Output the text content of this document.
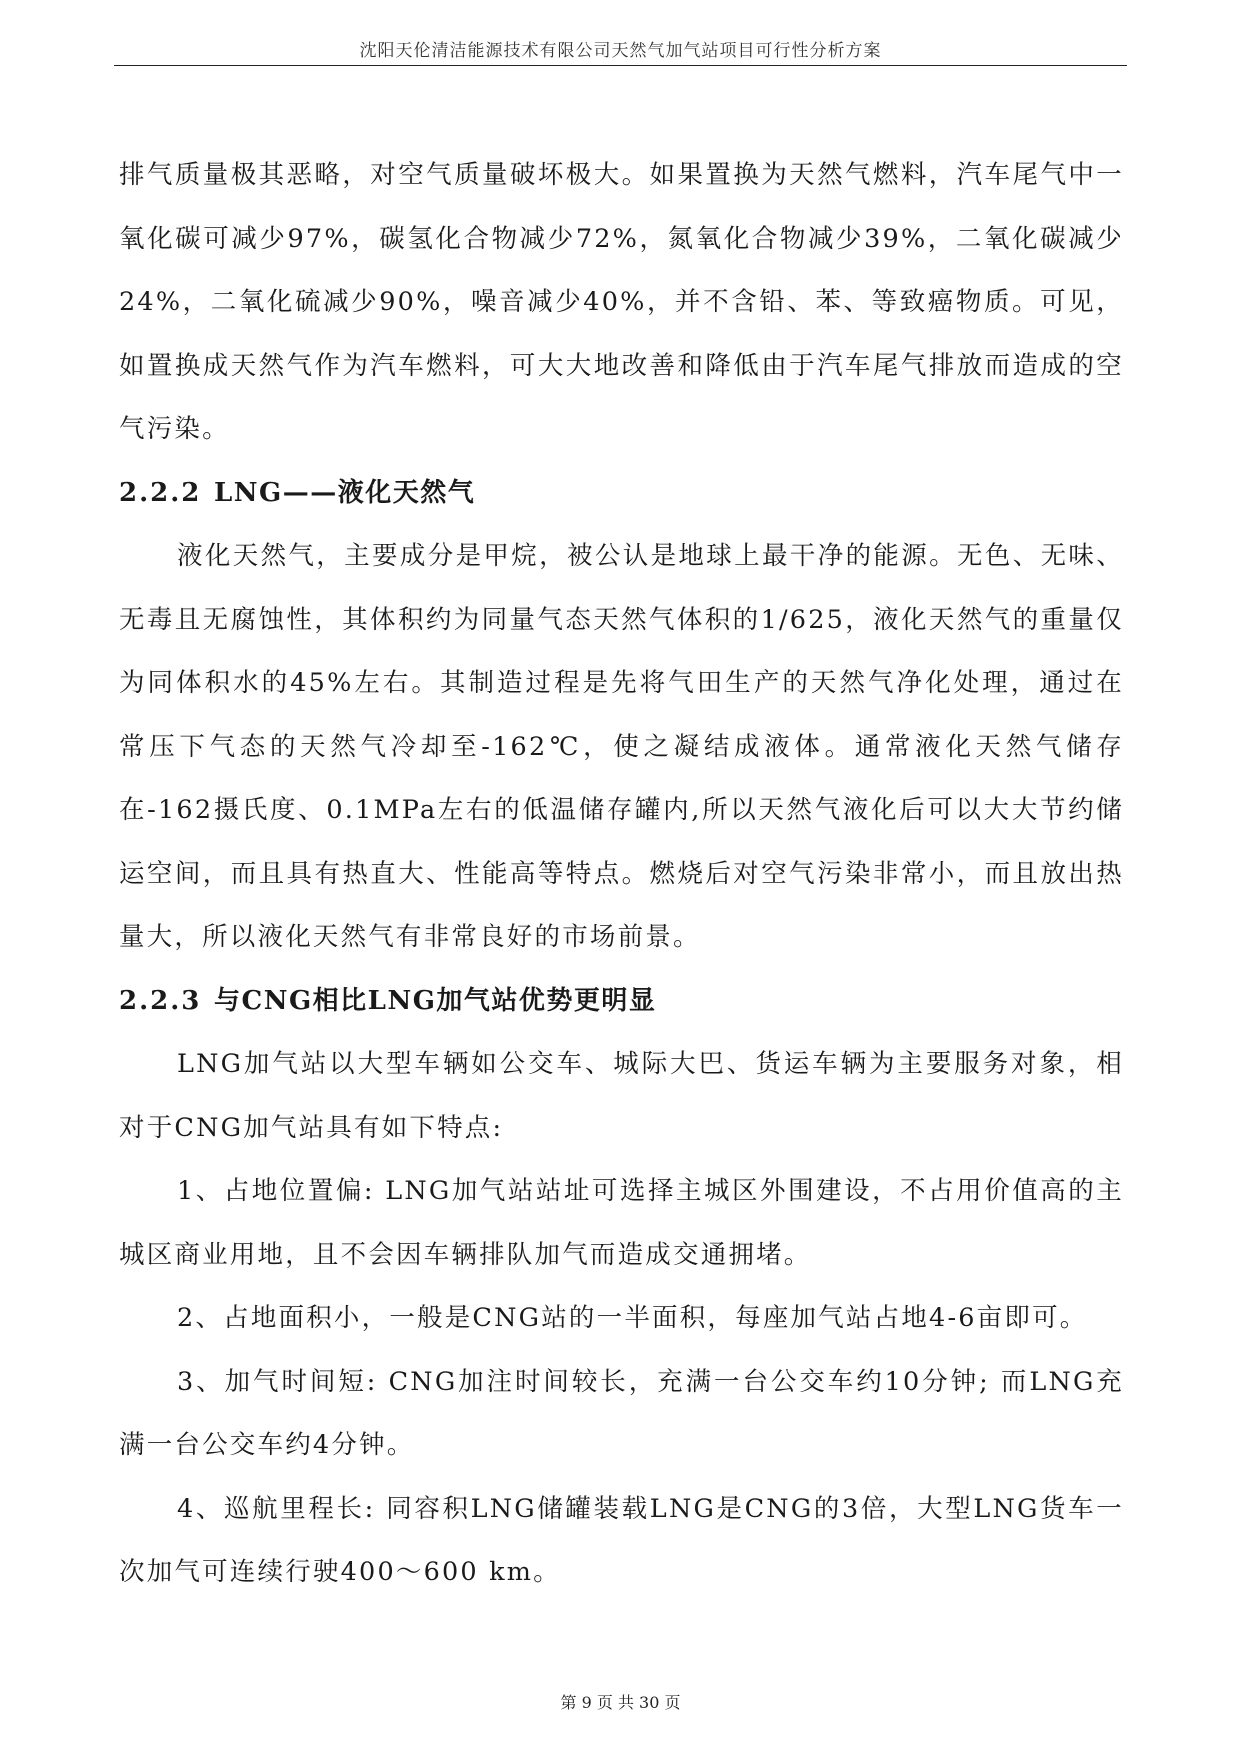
沈阳天伦清洁能源技术有限公司天然气加气站项目可行性分析方案

排气质量极其恶略，对空气质量破坏极大。如果置换为天然气燃料，汽车尾气中一氧化碳可减少97%，碳氢化合物减少72%，氮氧化合物减少39%，二氧化碳减少24%，二氧化硫减少90%，噪音减少40%，并不含铅、苯、等致癌物质。可见，如置换成天然气作为汽车燃料，可大大地改善和降低由于汽车尾气排放而造成的空气污染。

2.2.2 LNG——液化天然气

液化天然气，主要成分是甲烷，被公认是地球上最干净的能源。无色、无味、无毒且无腐蚀性，其体积约为同量气态天然气体积的1/625，液化天然气的重量仅为同体积水的45%左右。其制造过程是先将气田生产的天然气净化处理，通过在常压下气态的天然气冷却至-162℃，使之凝结成液体。通常液化天然气储存在-162摄氏度、0.1MPa左右的低温储存罐内,所以天然气液化后可以大大节约储运空间，而且具有热直大、性能高等特点。燃烧后对空气污染非常小，而且放出热量大，所以液化天然气有非常良好的市场前景。

2.2.3 与CNG相比LNG加气站优势更明显

LNG加气站以大型车辆如公交车、城际大巴、货运车辆为主要服务对象，相对于CNG加气站具有如下特点:

1、占地位置偏: LNG加气站站址可选择主城区外围建设，不占用价值高的主城区商业用地，且不会因车辆排队加气而造成交通拥堵。

2、占地面积小，一般是CNG站的一半面积，每座加气站占地4-6亩即可。

3、加气时间短: CNG加注时间较长，充满一台公交车约10分钟; 而LNG充满一台公交车约4分钟。

4、巡航里程长: 同容积LNG储罐装载LNG是CNG的3倍，大型LNG货车一次加气可连续行驶400～600 km。

第 9 页 共 30 页
